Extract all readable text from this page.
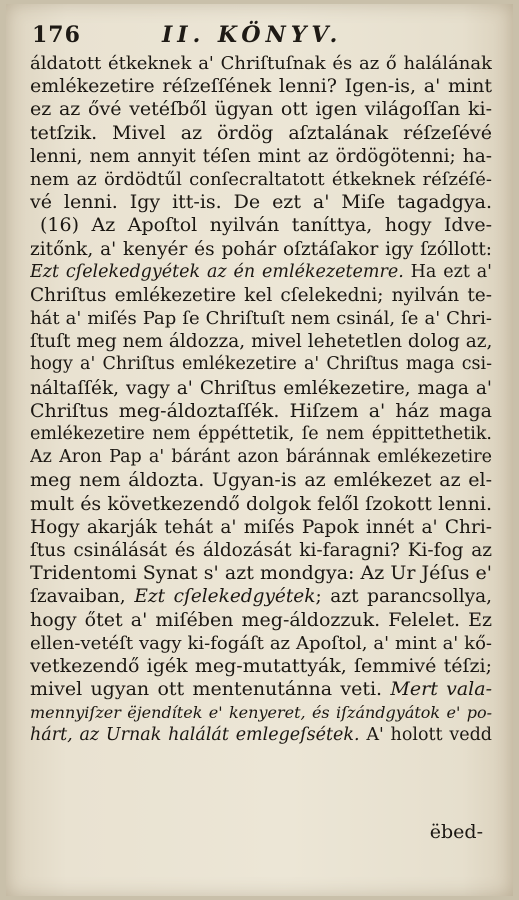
176	II. KÖNYV.
áldatott étkeknek a' Chriſtuſnak és az ő halálának
emlékezetire réſzeſſének lenni? Igen-is, a' mint
ez az ővé vetéſből ügyan ott igen világoſſan ki-
tetſzik. Mivel az ördög aſztalának réſzeſévé
lenni, nem annyit téſen mint az ördögötenni; ha-
nem az ördödtűl conſecraltatott étkeknek réſzéſé-
vé lenni. Igy itt-is. De ezt a' Miſe tagadgya.
(16) Az Apoſtol nyilván taníttya, hogy Idve-
zitőnk, a' kenyér és pohár oſztáſakor igy ſzóllott:
Ezt cſelekedgyétek az én emlékezetemre. Ha ezt a'
Chriſtus emlékezetire kel cſelekedni; nyilván te-
hát a' miſés Pap ſe Chriſtuſt nem csinál, ſe a' Chri-
ſtuſt meg nem áldozza, mivel lehetetlen dolog az,
hogy a' Chriſtus emlékezetire a' Chriſtus maga csi-
náltaſſék, vagy a' Chriſtus emlékezetire, maga a'
Chriſtus meg-áldoztaſſék. Hiſzem a' ház maga
emlékezetire nem éppéttetik, ſe nem éppittethetik.
Az Aron Pap a' báránt azon báránnak emlékezetire
meg nem áldozta. Ugyan-is az emlékezet az el-
mult és következendő dolgok felől ſzokott lenni.
Hogy akarják tehát a' miſés Papok innét a' Chri-
ſtus csinálását és áldozását ki-faragni? Ki-fog az
Tridentomi Synat s' azt mondgya: Az Ur Jéſus e'
ſzavaiban, Ezt cſelekedgyétek; azt parancsollya,
hogy őtet a' miſében meg-áldozzuk. Felelet. Ez
ellen-vetéſt vagy ki-fogáſt az Apoſtol, a' mint a' kő-
vetkezendő igék meg-mutattyák, ſemmivé téſzi;
mivel ugyan ott mentenutánna veti. Mert vala-
mennyiſzer ëjendítek e' kenyeret, és iſzándgyátok e' po-
hárt, az Urnak halálát emlegeſsétek. A' holott vedd
ëbed-
